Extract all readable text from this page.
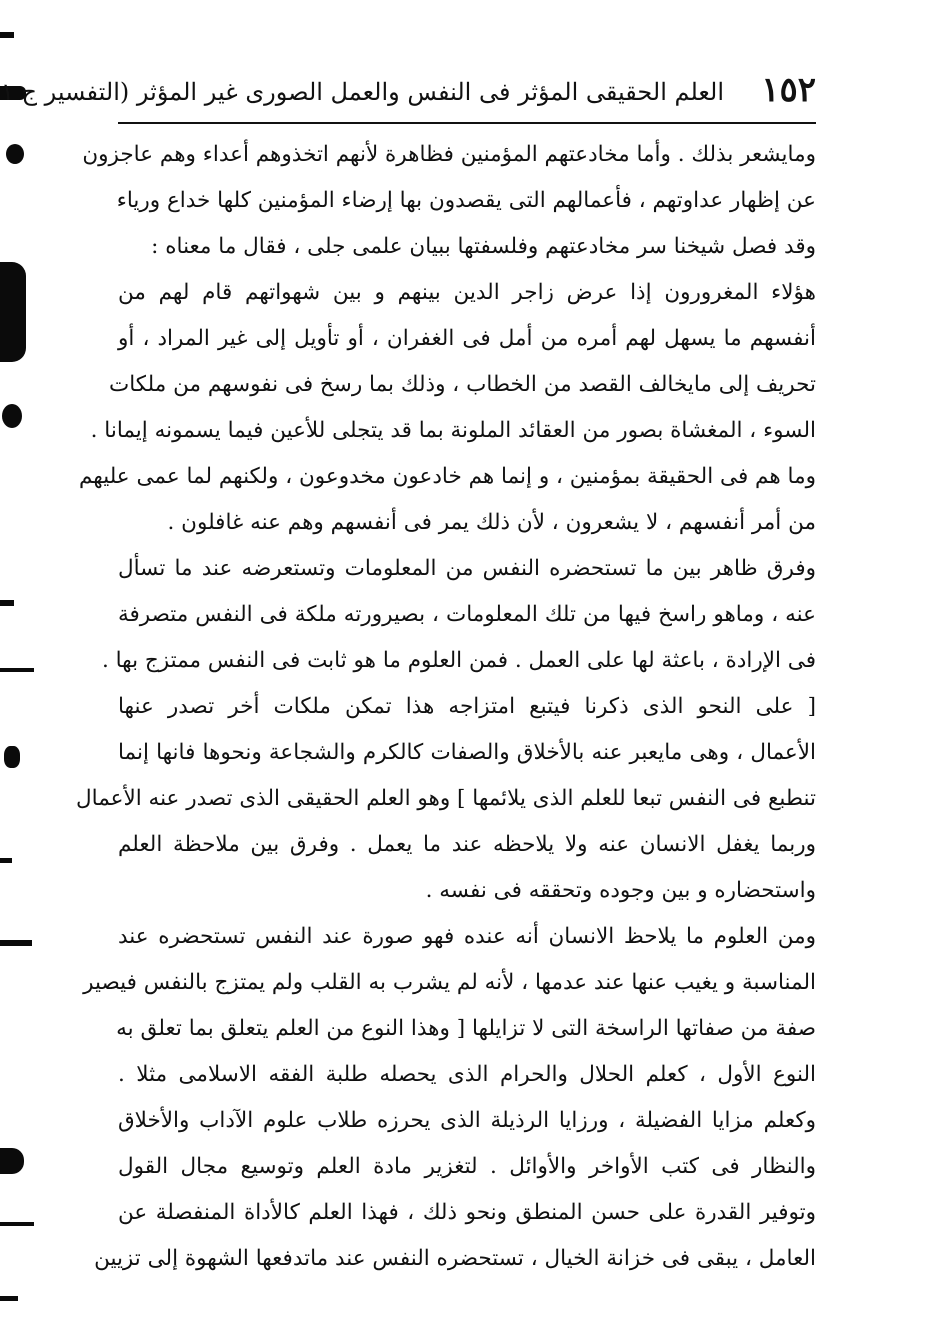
١٥٢
العلم الحقيقى المؤثر فى النفس والعمل الصورى غير المؤثر (التفسير ج ١
ومايشعر بذلك . وأما مخادعتهم المؤمنين فظاهرة لأنهم اتخذوهم أعداء وهم عاجزون
عن إظهار عداوتهم ، فأعمالهم التى يقصدون بها إرضاء المؤمنين كلها خداع ورياء
وقد فصل شيخنا سر مخادعتهم وفلسفتها ببيان علمى جلى ، فقال ما معناه :
هؤلاء المغرورون إذا عرض زاجر الدين بينهم و بين شهواتهم قام لهم من
أنفسهم ما يسهل لهم أمره من أمل فى الغفران ، أو تأويل إلى غير المراد ، أو
تحريف إلى مايخالف القصد من الخطاب ، وذلك بما رسخ فى نفوسهم من ملكات
السوء ، المغشاة بصور من العقائد الملونة بما قد يتجلى للأعين فيما يسمونه إيمانا .
وما هم فى الحقيقة بمؤمنين ، و إنما هم خادعون مخدوعون ، ولكنهم لما عمى عليهم
من أمر أنفسهم ، لا يشعرون ، لأن ذلك يمر فى أنفسهم وهم عنه غافلون .
وفرق ظاهر بين ما تستحضره النفس من المعلومات وتستعرضه عند ما تسأل
عنه ، وماهو راسخ فيها من تلك المعلومات ، بصيرورته ملكة فى النفس متصرفة
فى الإرادة ، باعثة لها على العمل . فمن العلوم ما هو ثابت فى النفس ممتزج بها .
[ على النحو الذى ذكرنا فيتبع امتزاجه هذا تمكن ملكات أخر تصدر عنها
الأعمال ، وهى مايعبر عنه بالأخلاق والصفات كالكرم والشجاعة ونحوها فانها إنما
تنطبع فى النفس تبعا للعلم الذى يلائمها ] وهو العلم الحقيقى الذى تصدر عنه الأعمال
وربما يغفل الانسان عنه ولا يلاحظه عند ما يعمل . وفرق بين ملاحظة العلم
واستحضاره و بين وجوده وتحققه فى نفسه .
ومن العلوم ما يلاحظ الانسان أنه عنده فهو صورة عند النفس تستحضره عند
المناسبة و يغيب عنها عند عدمها ، لأنه لم يشرب به القلب ولم يمتزج بالنفس فيصير
صفة من صفاتها الراسخة التى لا تزايلها [ وهذا النوع من العلم يتعلق بما تعلق به
النوع الأول ، كعلم الحلال والحرام الذى يحصله طلبة الفقه الاسلامى مثلا .
وكعلم مزايا الفضيلة ، ورزايا الرذيلة الذى يحرزه طلاب علوم الآداب والأخلاق
والنظار فى كتب الأواخر والأوائل . لتغزير مادة العلم وتوسيع مجال القول
وتوفير القدرة على حسن المنطق ونحو ذلك ، فهذا العلم كالأداة المنفصلة عن
العامل ، يبقى فى خزانة الخيال ، تستحضره النفس عند ماتدفعها الشهوة إلى تزيين
